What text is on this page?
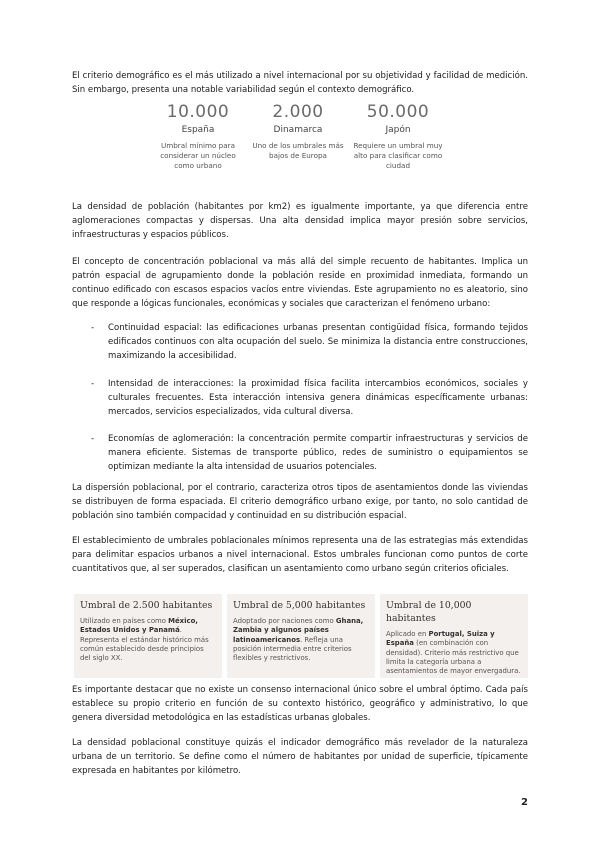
El criterio demográfico es el más utilizado a nivel internacional por su objetividad y facilidad de medición. Sin embargo, presenta una notable variabilidad según el contexto demográfico.

10.000
España
Umbral mínimo para considerar un núcleo como urbano
2.000
Dinamarca
Uno de los umbrales más bajos de Europa
50.000
Japón
Requiere un umbral muy alto para clasificar como ciudad

La densidad de población (habitantes por km2) es igualmente importante, ya que diferencia entre aglomeraciones compactas y dispersas. Una alta densidad implica mayor presión sobre servicios, infraestructuras y espacios públicos.

El concepto de concentración poblacional va más allá del simple recuento de habitantes. Implica un patrón espacial de agrupamiento donde la población reside en proximidad inmediata, formando un continuo edificado con escasos espacios vacíos entre viviendas. Este agrupamiento no es aleatorio, sino que responde a lógicas funcionales, económicas y sociales que caracterizan el fenómeno urbano:

- Continuidad espacial: las edificaciones urbanas presentan contigüidad física, formando tejidos edificados continuos con alta ocupación del suelo. Se minimiza la distancia entre construcciones, maximizando la accesibilidad.
- Intensidad de interacciones: la proximidad física facilita intercambios económicos, sociales y culturales frecuentes. Esta interacción intensiva genera dinámicas específicamente urbanas: mercados, servicios especializados, vida cultural diversa.
- Economías de aglomeración: la concentración permite compartir infraestructuras y servicios de manera eficiente. Sistemas de transporte público, redes de suministro o equipamientos se optimizan mediante la alta intensidad de usuarios potenciales.

La dispersión poblacional, por el contrario, caracteriza otros tipos de asentamientos donde las viviendas se distribuyen de forma espaciada. El criterio demográfico urbano exige, por tanto, no solo cantidad de población sino también compacidad y continuidad en su distribución espacial.

El establecimiento de umbrales poblacionales mínimos representa una de las estrategias más extendidas para delimitar espacios urbanos a nivel internacional. Estos umbrales funcionan como puntos de corte cuantitativos que, al ser superados, clasifican un asentamiento como urbano según criterios oficiales.

Umbral de 2.500 habitantes
Utilizado en países como México, Estados Unidos y Panamá. Representa el estándar histórico más común establecido desde principios del siglo XX.
Umbral de 5,000 habitantes
Adoptado por naciones como Ghana, Zambia y algunos países latinoamericanos. Refleja una posición intermedia entre criterios flexibles y restrictivos.
Umbral de 10,000 habitantes
Aplicado en Portugal, Suiza y España (en combinación con densidad). Criterio más restrictivo que limita la categoría urbana a asentamientos de mayor envergadura.

Es importante destacar que no existe un consenso internacional único sobre el umbral óptimo. Cada país establece su propio criterio en función de su contexto histórico, geográfico y administrativo, lo que genera diversidad metodológica en las estadísticas urbanas globales.

La densidad poblacional constituye quizás el indicador demográfico más revelador de la naturaleza urbana de un territorio. Se define como el número de habitantes por unidad de superficie, típicamente expresada en habitantes por kilómetro.

2
